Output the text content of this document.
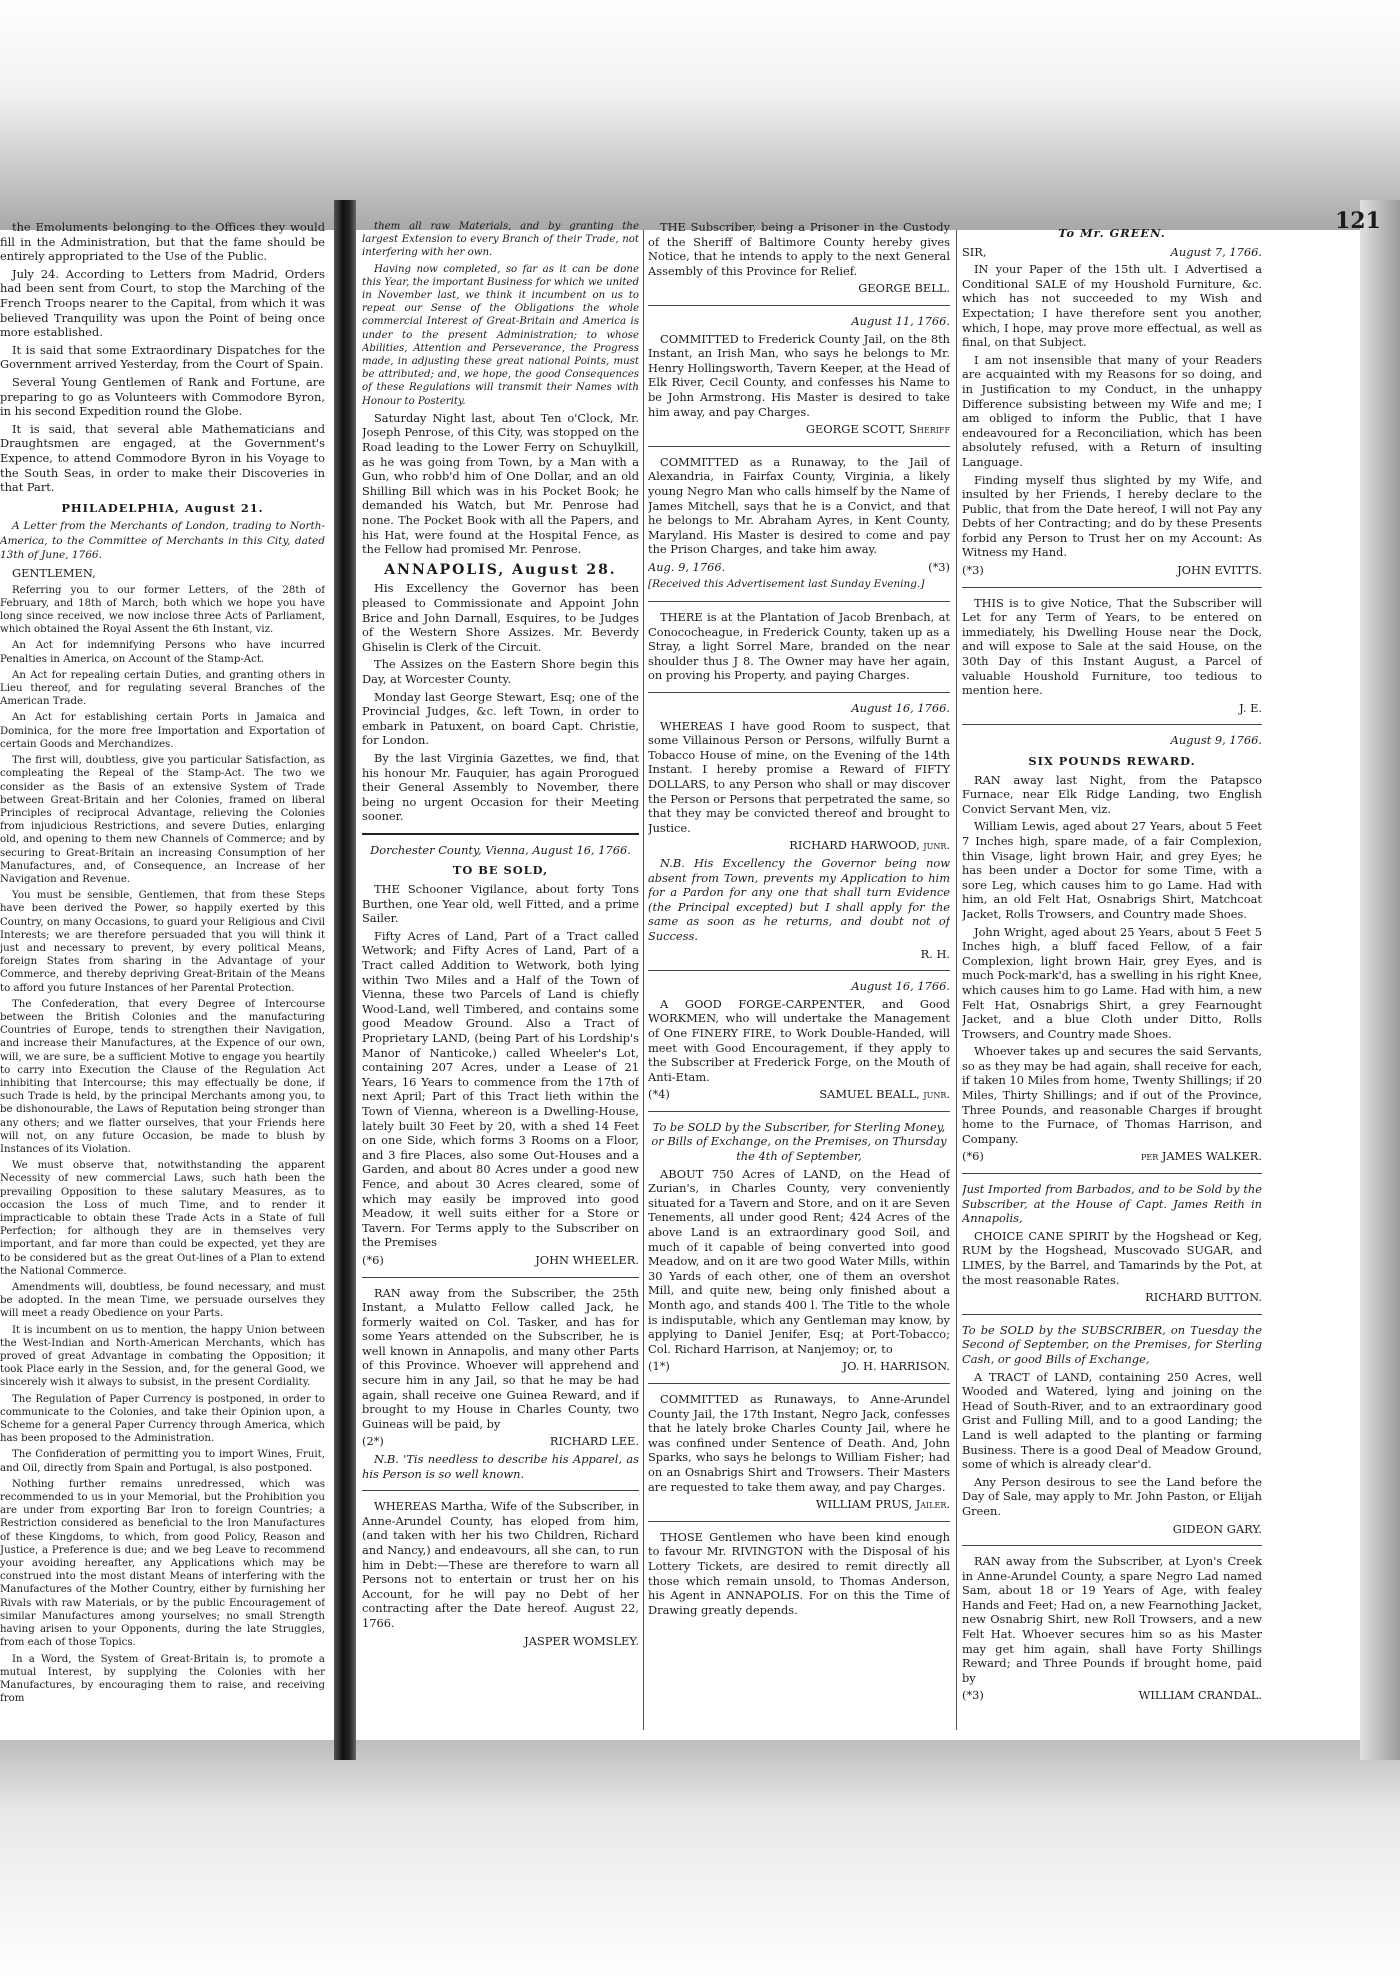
121

the Emoluments belonging to the Offices they would fill in the Administration, but that the fame should be entirely appropriated to the Use of the Public.

July 24. According to Letters from Madrid, Orders had been sent from Court, to stop the Marching of the French Troops nearer to the Capital, from which it was believed Tranquility was upon the Point of being once more established.

It is said that some Extraordinary Dispatches for the Government arrived Yesterday, from the Court of Spain.

Several Young Gentlemen of Rank and Fortune, are preparing to go as Volunteers with Commodore Byron, in his second Expedition round the Globe.

It is said, that several able Mathematicians and Draughtsmen are engaged, at the Government's Expence, to attend Commodore Byron in his Voyage to the South Seas, in order to make their Discoveries in that Part.

PHILADELPHIA, August 21.

A Letter from the Merchants of London, trading to North-America, to the Committee of Merchants in this City, dated 13th of June, 1766.

GENTLEMEN,

Referring you to our former Letters, of the 28th of February, and 18th of March, both which we hope you have long since received, we now inclose three Acts of Parliament, which obtained the Royal Assent the 6th Instant, viz.

An Act for indemnifying Persons who have incurred Penalties in America, on Account of the Stamp-Act.

An Act for repealing certain Duties, and granting others in Lieu thereof, and for regulating several Branches of the American Trade.

An Act for establishing certain Ports in Jamaica and Dominica, for the more free Importation and Exportation of certain Goods and Merchandizes.

The first will, doubtless, give you particular Satisfaction, as compleating the Repeal of the Stamp-Act. The two we consider as the Basis of an extensive System of Trade between Great-Britain and her Colonies, framed on liberal Principles of reciprocal Advantage, relieving the Colonies from injudicious Restrictions, and severe Duties, enlarging old, and opening to them new Channels of Commerce; and by securing to Great-Britain an increasing Consumption of her Manufactures, and, of Consequence, an Increase of her Navigation and Revenue.

You must be sensible, Gentlemen, that from these Steps have been derived the Power, so happily exerted by this Country, on many Occasions, to guard your Religious and Civil Interests; we are therefore persuaded that you will think it just and necessary to prevent, by every political Means, foreign States from sharing in the Advantage of your Commerce, and thereby depriving Great-Britain of the Means to afford you future Instances of her Parental Protection.

The Confederation, that every Degree of Intercourse between the British Colonies and the manufacturing Countries of Europe, tends to strengthen their Navigation, and increase their Manufactures, at the Expence of our own, will, we are sure, be a sufficient Motive to engage you heartily to carry into Execution the Clause of the Regulation Act inhibiting that Intercourse; this may effectually be done, if such Trade is held, by the principal Merchants among you, to be dishonourable, the Laws of Reputation being stronger than any others; and we flatter ourselves, that your Friends here will not, on any future Occasion, be made to blush by Instances of its Violation.

We must observe that, notwithstanding the apparent Necessity of new commercial Laws, such hath been the prevailing Opposition to these salutary Measures, as to occasion the Loss of much Time, and to render it impracticable to obtain these Trade Acts in a State of full Perfection; for although they are in themselves very important, and far more than could be expected, yet they are to be considered but as the great Out-lines of a Plan to extend the National Commerce.

Amendments will, doubtless, be found necessary, and must be adopted. In the mean Time, we persuade ourselves they will meet a ready Obedience on your Parts.

It is incumbent on us to mention, the happy Union between the West-Indian and North-American Merchants, which has proved of great Advantage in combating the Opposition; it took Place early in the Session, and, for the general Good, we sincerely wish it always to subsist, in the present Cordiality.

The Regulation of Paper Currency is postponed, in order to communicate to the Colonies, and take their Opinion upon, a Scheme for a general Paper Currency through America, which has been proposed to the Administration.

The Confideration of permitting you to import Wines, Fruit, and Oil, directly from Spain and Portugal, is also postponed.

Nothing further remains unredressed, which was recommended to us in your Memorial, but the Prohibition you are under from exporting Bar Iron to foreign Countries; a Restriction considered as beneficial to the Iron Manufactures of these Kingdoms, to which, from good Policy, Reason and Justice, a Preference is due; and we beg Leave to recommend your avoiding hereafter, any Applications which may be construed into the most distant Means of interfering with the Manufactures of the Mother Country, either by furnishing her Rivals with raw Materials, or by the public Encouragement of similar Manufactures among yourselves; no small Strength having arisen to your Opponents, during the late Struggles, from each of those Topics.

In a Word, the System of Great-Britain is, to promote a mutual Interest, by supplying the Colonies with her Manufactures, by encouraging them to raise, and receiving from

them all raw Materials, and by granting the largest Extension to every Branch of their Trade, not interfering with her own.

Having now completed, so far as it can be done this Year, the important Business for which we united in November last, we think it incumbent on us to repeat our Sense of the Obligations the whole commercial Interest of Great-Britain and America is under to the present Administration; to whose Abilities, Attention and Perseverance, the Progress made, in adjusting these great national Points, must be attributed; and, we hope, the good Consequences of these Regulations will transmit their Names with Honour to Posterity.

Saturday Night last, about Ten o'Clock, Mr. Joseph Penrose, of this City, was stopped on the Road leading to the Lower Ferry on Schuylkill, as he was going from Town, by a Man with a Gun, who robb'd him of One Dollar, and an old Shilling Bill which was in his Pocket Book; he demanded his Watch, but Mr. Penrose had none. The Pocket Book with all the Papers, and his Hat, were found at the Hospital Fence, as the Fellow had promised Mr. Penrose.

ANNAPOLIS, August 28.

His Excellency the Governor has been pleased to Commissionate and Appoint John Brice and John Darnall, Esquires, to be Judges of the Western Shore Assizes. Mr. Beverdy Ghiselin is Clerk of the Circuit.

The Assizes on the Eastern Shore begin this Day, at Worcester County.

Monday last George Stewart, Esq; one of the Provincial Judges, &c. left Town, in order to embark in Patuxent, on board Capt. Christie, for London.

By the last Virginia Gazettes, we find, that his honour Mr. Fauquier, has again Prorogued their General Assembly to November, there being no urgent Occasion for their Meeting sooner.

Dorchester County, Vienna, August 16, 1766.

TO BE SOLD,

THE Schooner Vigilance, about forty Tons Burthen, one Year old, well Fitted, and a prime Sailer.

Fifty Acres of Land, Part of a Tract called Wetwork; and Fifty Acres of Land, Part of a Tract called Addition to Wetwork, both lying within Two Miles and a Half of the Town of Vienna, these two Parcels of Land is chiefly Wood-Land, well Timbered, and contains some good Meadow Ground. Also a Tract of Proprietary LAND, (being Part of his Lordship's Manor of Nanticoke,) called Wheeler's Lot, containing 207 Acres, under a Lease of 21 Years, 16 Years to commence from the 17th of next April; Part of this Tract lieth within the Town of Vienna, whereon is a Dwelling-House, lately built 30 Feet by 20, with a shed 14 Feet on one Side, which forms 3 Rooms on a Floor, and 3 fire Places, also some Out-Houses and a Garden, and about 80 Acres under a good new Fence, and about 30 Acres cleared, some of which may easily be improved into good Meadow, it well suits either for a Store or Tavern. For Terms apply to the Subscriber on the Premises

(*6)	JOHN WHEELER.

RAN away from the Subscriber, the 25th Instant, a Mulatto Fellow called Jack, he formerly waited on Col. Tasker, and has for some Years attended on the Subscriber, he is well known in Annapolis, and many other Parts of this Province. Whoever will apprehend and secure him in any Jail, so that he may be had again, shall receive one Guinea Reward, and if brought to my House in Charles County, two Guineas will be paid, by

(2*)	RICHARD LEE.

N.B. 'Tis needless to describe his Apparel, as his Person is so well known.

WHEREAS Martha, Wife of the Subscriber, in Anne-Arundel County, has eloped from him, (and taken with her his two Children, Richard and Nancy,) and endeavours, all she can, to run him in Debt:—These are therefore to warn all Persons not to entertain or trust her on his Account, for he will pay no Debt of her contracting after the Date hereof. August 22, 1766.

JASPER WOMSLEY.

THE Subscriber, being a Prisoner in the Custody of the Sheriff of Baltimore County hereby gives Notice, that he intends to apply to the next General Assembly of this Province for Relief.

GEORGE BELL.

August 11, 1766.

COMMITTED to Frederick County Jail, on the 8th Instant, an Irish Man, who says he belongs to Mr. Henry Hollingsworth, Tavern Keeper, at the Head of Elk River, Cecil County, and confesses his Name to be John Armstrong. His Master is desired to take him away, and pay Charges.

GEORGE SCOTT, Sheriff

COMMITTED as a Runaway, to the Jail of Alexandria, in Fairfax County, Virginia, a likely young Negro Man who calls himself by the Name of James Mitchell, says that he is a Convict, and that he belongs to Mr. Abraham Ayres, in Kent County, Maryland. His Master is desired to come and pay the Prison Charges, and take him away.

Aug. 9, 1766.	(*3)

[Received this Advertisement last Sunday Evening.]

THERE is at the Plantation of Jacob Brenbach, at Conococheague, in Frederick County, taken up as a Stray, a light Sorrel Mare, branded on the near shoulder thus J 8. The Owner may have her again, on proving his Property, and paying Charges.

August 16, 1766.

WHEREAS I have good Room to suspect, that some Villainous Person or Persons, wilfully Burnt a Tobacco House of mine, on the Evening of the 14th Instant. I hereby promise a Reward of FIFTY DOLLARS, to any Person who shall or may discover the Person or Persons that perpetrated the same, so that they may be convicted thereof and brought to Justice.

RICHARD HARWOOD, junr.

N.B. His Excellency the Governor being now absent from Town, prevents my Application to him for a Pardon for any one that shall turn Evidence (the Principal excepted) but I shall apply for the same as soon as he returns, and doubt not of Success.

R. H.

August 16, 1766.

A GOOD FORGE-CARPENTER, and Good WORKMEN, who will undertake the Management of One FINERY FIRE, to Work Double-Handed, will meet with Good Encouragement, if they apply to the Subscriber at Frederick Forge, on the Mouth of Anti-Etam.

(*4)	SAMUEL BEALL, junr.

To be SOLD by the Subscriber, for Sterling Money, or Bills of Exchange, on the Premises, on Thursday the 4th of September,

ABOUT 750 Acres of LAND, on the Head of Zurian's, in Charles County, very conveniently situated for a Tavern and Store, and on it are Seven Tenements, all under good Rent; 424 Acres of the above Land is an extraordinary good Soil, and much of it capable of being converted into good Meadow, and on it are two good Water Mills, within 30 Yards of each other, one of them an overshot Mill, and quite new, being only finished about a Month ago, and stands 400 l. The Title to the whole is indisputable, which any Gentleman may know, by applying to Daniel Jenifer, Esq; at Port-Tobacco; Col. Richard Harrison, at Nanjemoy; or, to

(1*)	JO. H. HARRISON.

COMMITTED as Runaways, to Anne-Arundel County Jail, the 17th Instant, Negro Jack, confesses that he lately broke Charles County Jail, where he was confined under Sentence of Death. And, John Sparks, who says he belongs to William Fisher; had on an Osnabrigs Shirt and Trowsers. Their Masters are requested to take them away, and pay Charges.

WILLIAM PRUS, Jailer.

THOSE Gentlemen who have been kind enough to favour Mr. RIVINGTON with the Disposal of his Lottery Tickets, are desired to remit directly all those which remain unsold, to Thomas Anderson, his Agent in ANNAPOLIS. For on this the Time of Drawing greatly depends.

To Mr. GREEN.

SIR,	August 7, 1766.

IN your Paper of the 15th ult. I Advertised a Conditional SALE of my Houshold Furniture, &c. which has not succeeded to my Wish and Expectation; I have therefore sent you another, which, I hope, may prove more effectual, as well as final, on that Subject.

I am not insensible that many of your Readers are acquainted with my Reasons for so doing, and in Justification to my Conduct, in the unhappy Difference subsisting between my Wife and me; I am obliged to inform the Public, that I have endeavoured for a Reconciliation, which has been absolutely refused, with a Return of insulting Language.

Finding myself thus slighted by my Wife, and insulted by her Friends, I hereby declare to the Public, that from the Date hereof, I will not Pay any Debts of her Contracting; and do by these Presents forbid any Person to Trust her on my Account: As Witness my Hand.

(*3)	JOHN EVITTS.

THIS is to give Notice, That the Subscriber will Let for any Term of Years, to be entered on immediately, his Dwelling House near the Dock, and will expose to Sale at the said House, on the 30th Day of this Instant August, a Parcel of valuable Houshold Furniture, too tedious to mention here.

J. E.

August 9, 1766.

SIX POUNDS REWARD.

RAN away last Night, from the Patapsco Furnace, near Elk Ridge Landing, two English Convict Servant Men, viz.

William Lewis, aged about 27 Years, about 5 Feet 7 Inches high, spare made, of a fair Complexion, thin Visage, light brown Hair, and grey Eyes; he has been under a Doctor for some Time, with a sore Leg, which causes him to go Lame. Had with him, an old Felt Hat, Osnabrigs Shirt, Matchcoat Jacket, Rolls Trowsers, and Country made Shoes.

John Wright, aged about 25 Years, about 5 Feet 5 Inches high, a bluff faced Fellow, of a fair Complexion, light brown Hair, grey Eyes, and is much Pock-mark'd, has a swelling in his right Knee, which causes him to go Lame. Had with him, a new Felt Hat, Osnabrigs Shirt, a grey Fearnought Jacket, and a blue Cloth under Ditto, Rolls Trowsers, and Country made Shoes.

Whoever takes up and secures the said Servants, so as they may be had again, shall receive for each, if taken 10 Miles from home, Twenty Shillings; if 20 Miles, Thirty Shillings; and if out of the Province, Three Pounds, and reasonable Charges if brought home to the Furnace, of Thomas Harrison, and Company.

(*6)	per JAMES WALKER.

Just Imported from Barbados, and to be Sold by the Subscriber, at the House of Capt. James Reith in Annapolis,

CHOICE CANE SPIRIT by the Hogshead or Keg, RUM by the Hogshead, Muscovado SUGAR, and LIMES, by the Barrel, and Tamarinds by the Pot, at the most reasonable Rates.

RICHARD BUTTON.

To be SOLD by the SUBSCRIBER, on Tuesday the Second of September, on the Premises, for Sterling Cash, or good Bills of Exchange,

A TRACT of LAND, containing 250 Acres, well Wooded and Watered, lying and joining on the Head of South-River, and to an extraordinary good Grist and Fulling Mill, and to a good Landing; the Land is well adapted to the planting or farming Business. There is a good Deal of Meadow Ground, some of which is already clear'd.

Any Person desirous to see the Land before the Day of Sale, may apply to Mr. John Paston, or Elijah Green.

GIDEON GARY.

RAN away from the Subscriber, at Lyon's Creek in Anne-Arundel County, a spare Negro Lad named Sam, about 18 or 19 Years of Age, with fealey Hands and Feet; Had on, a new Fearnothing Jacket, new Osnabrig Shirt, new Roll Trowsers, and a new Felt Hat. Whoever secures him so as his Master may get him again, shall have Forty Shillings Reward; and Three Pounds if brought home, paid by

(*3)	WILLIAM CRANDAL.
